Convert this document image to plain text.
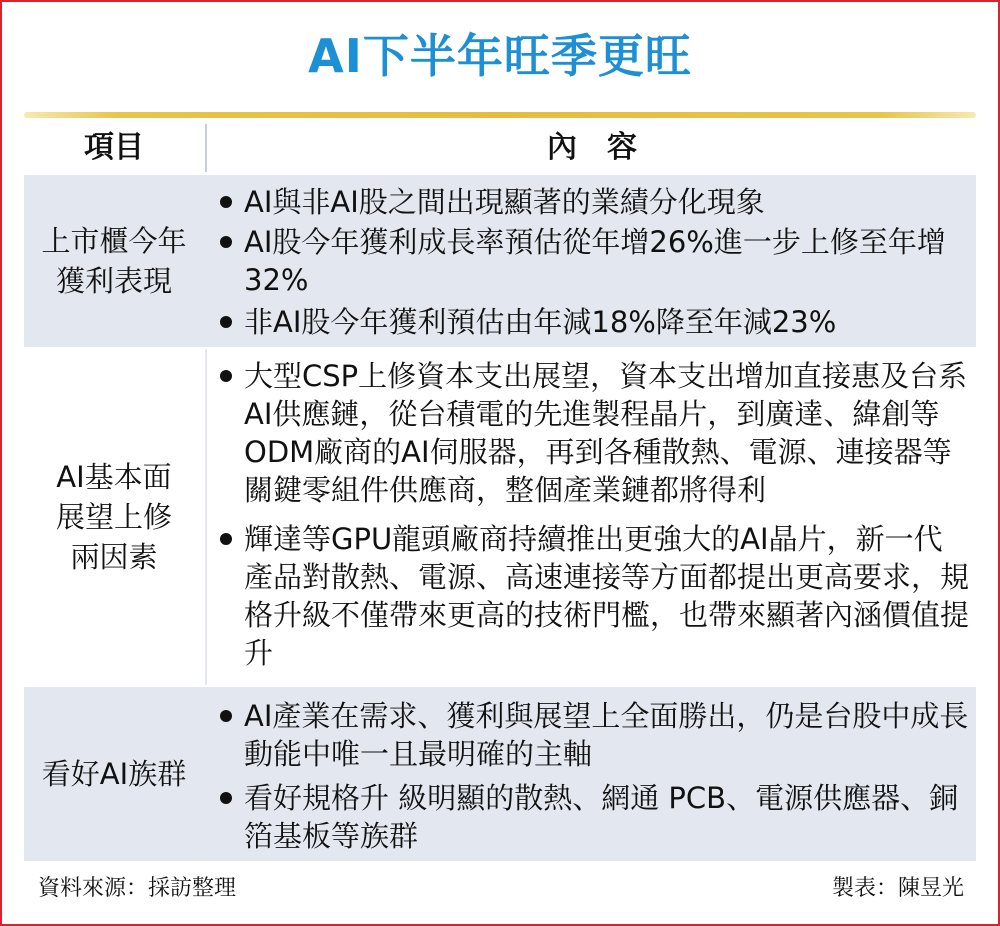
AI下半年旺季更旺
項目	內　容
上市櫃今年
獲利表現
AI與非AI股之間出現顯著的業績分化現象
AI股今年獲利成長率預估從年增26%進一步上修至年增32%
非AI股今年獲利預估由年減18%降至年減23%
AI基本面
展望上修
兩因素
大型CSP上修資本支出展望，資本支出增加直接惠及台系AI供應鏈，從台積電的先進製程晶片，到廣達、緯創等ODM廠商的AI伺服器，再到各種散熱、電源、連接器等關鍵零組件供應商，整個產業鏈都將得利
輝達等GPU龍頭廠商持續推出更強大的AI晶片，新一代產品對散熱、電源、高速連接等方面都提出更高要求，規格升級不僅帶來更高的技術門檻，也帶來顯著內涵價值提升
看好AI族群
AI產業在需求、獲利與展望上全面勝出，仍是台股中成長動能中唯一且最明確的主軸
看好規格升 級明顯的散熱、網通 PCB、電源供應器、銅箔基板等族群
資料來源：採訪整理	製表：陳昱光
